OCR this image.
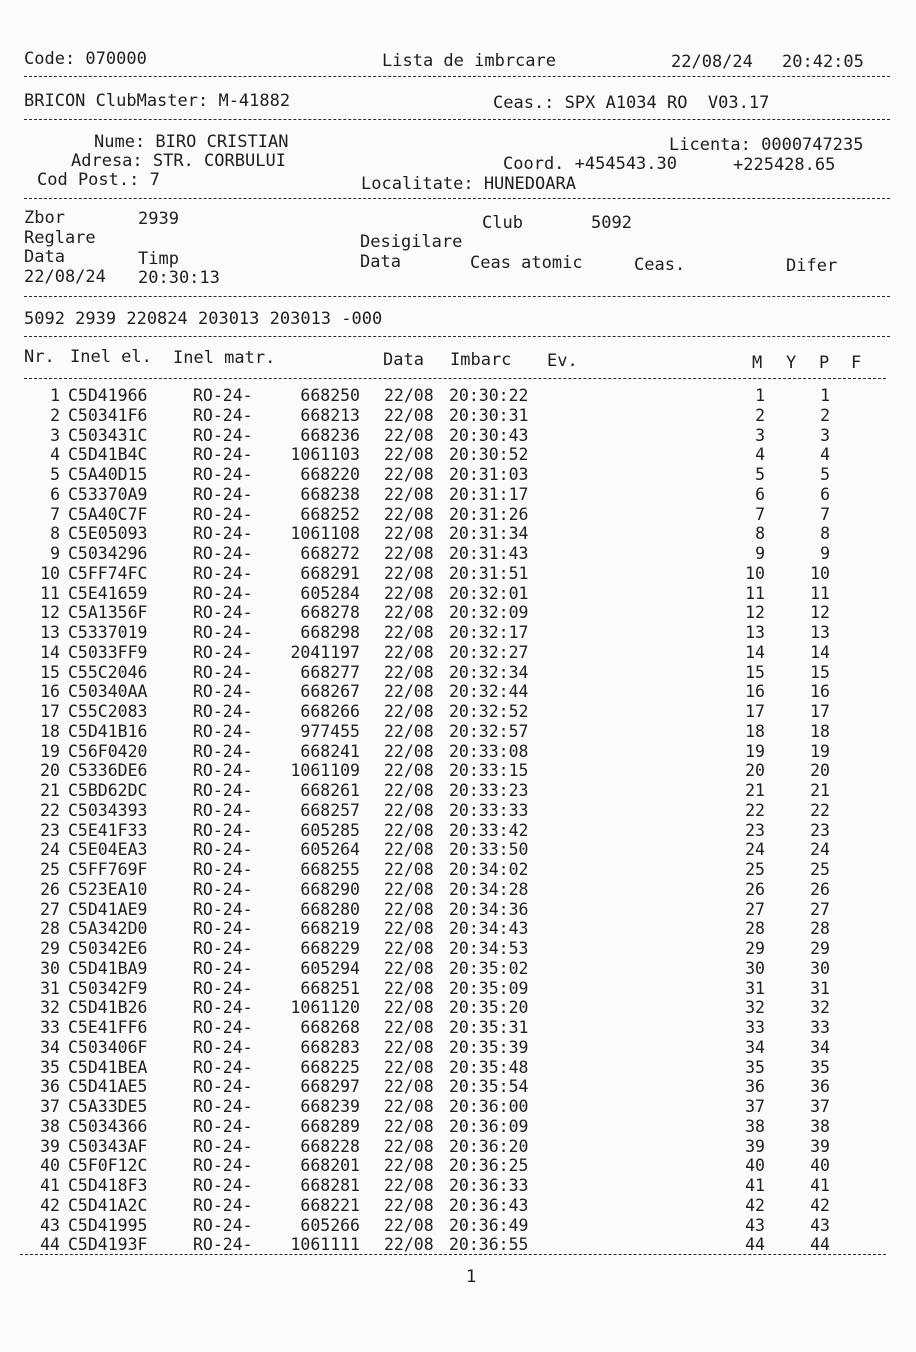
Code: 070000	Lista de imbrcare	22/08/24 20:42:05
BRICON ClubMaster: M-41882	Ceas.: SPX A1034 RO  V03.17
Nume: BIRO CRISTIAN	Licenta: 0000747235
Adresa: STR. CORBULUI	Coord. +454543.30	+225428.65
Cod Post.: 7	Localitate: HUNEDOARA
Zbor	2939	Club	5092
Reglare	Desigilare
Data	Timp	Data	Ceas atomic	Ceas.	Difer
22/08/24 20:30:13
5092 2939 220824 203013 203013 -000
Nr. Inel el. Inel matr.	Data Imbarc Ev.	M Y P F
1 C5D41966	RO-24-	668250 22/08 20:30:22	1	1
2 C50341F6	RO-24-	668213 22/08 20:30:31	2	2
3 C503431C	RO-24-	668236 22/08 20:30:43	3	3
4 C5D41B4C	RO-24- 1061103 22/08 20:30:52	4	4
5 C5A40D15	RO-24-	668220 22/08 20:31:03	5	5
6 C53370A9	RO-24-	668238 22/08 20:31:17	6	6
7 C5A40C7F	RO-24-	668252 22/08 20:31:26	7	7
8 C5E05093	RO-24- 1061108 22/08 20:31:34	8	8
9 C5034296	RO-24-	668272 22/08 20:31:43	9	9
10 C5FF74FC	RO-24-	668291 22/08 20:31:51	10	10
11 C5E41659	RO-24-	605284 22/08 20:32:01	11	11
12 C5A1356F	RO-24-	668278 22/08 20:32:09	12	12
13 C5337019	RO-24-	668298 22/08 20:32:17	13	13
14 C5033FF9	RO-24- 2041197 22/08 20:32:27	14	14
15 C55C2046	RO-24-	668277 22/08 20:32:34	15	15
16 C50340AA	RO-24-	668267 22/08 20:32:44	16	16
17 C55C2083	RO-24-	668266 22/08 20:32:52	17	17
18 C5D41B16	RO-24-	977455 22/08 20:32:57	18	18
19 C56F0420	RO-24-	668241 22/08 20:33:08	19	19
20 C5336DE6	RO-24- 1061109 22/08 20:33:15	20	20
21 C5BD62DC	RO-24-	668261 22/08 20:33:23	21	21
22 C5034393	RO-24-	668257 22/08 20:33:33	22	22
23 C5E41F33	RO-24-	605285 22/08 20:33:42	23	23
24 C5E04EA3	RO-24-	605264 22/08 20:33:50	24	24
25 C5FF769F	RO-24-	668255 22/08 20:34:02	25	25
26 C523EA10	RO-24-	668290 22/08 20:34:28	26	26
27 C5D41AE9	RO-24-	668280 22/08 20:34:36	27	27
28 C5A342D0	RO-24-	668219 22/08 20:34:43	28	28
29 C50342E6	RO-24-	668229 22/08 20:34:53	29	29
30 C5D41BA9	RO-24-	605294 22/08 20:35:02	30	30
31 C50342F9	RO-24-	668251 22/08 20:35:09	31	31
32 C5D41B26	RO-24- 1061120 22/08 20:35:20	32	32
33 C5E41FF6	RO-24-	668268 22/08 20:35:31	33	33
34 C503406F	RO-24-	668283 22/08 20:35:39	34	34
35 C5D41BEA	RO-24-	668225 22/08 20:35:48	35	35
36 C5D41AE5	RO-24-	668297 22/08 20:35:54	36	36
37 C5A33DE5	RO-24-	668239 22/08 20:36:00	37	37
38 C5034366	RO-24-	668289 22/08 20:36:09	38	38
39 C50343AF	RO-24-	668228 22/08 20:36:20	39	39
40 C5F0F12C	RO-24-	668201 22/08 20:36:25	40	40
41 C5D418F3	RO-24-	668281 22/08 20:36:33	41	41
42 C5D41A2C	RO-24-	668221 22/08 20:36:43	42	42
43 C5D41995	RO-24-	605266 22/08 20:36:49	43	43
44 C5D4193F	RO-24- 1061111 22/08 20:36:55	44	44
1
